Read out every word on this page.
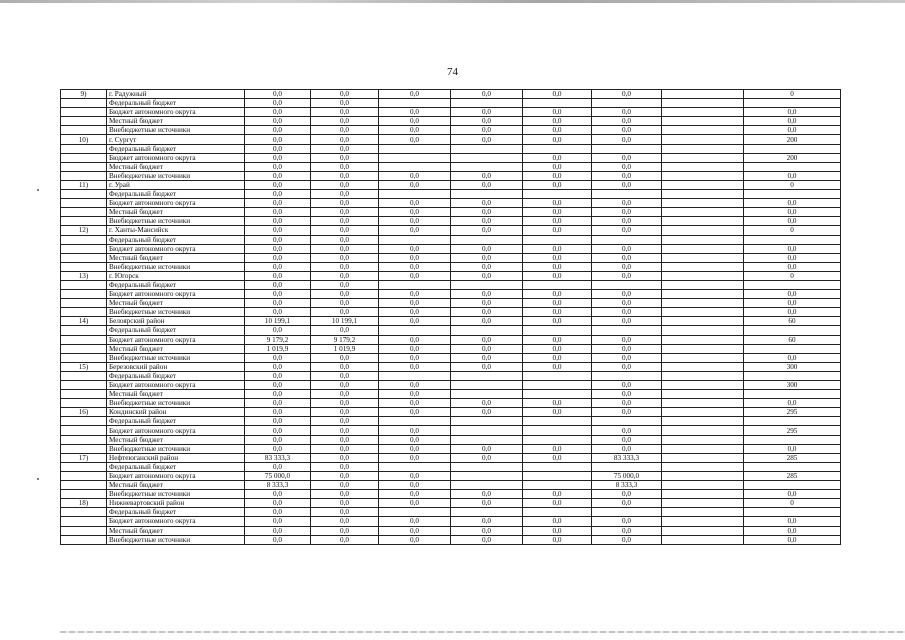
74
9)	г. Радужный	0,0	0,0	0,0	0,0	0,0	0,0		0
	Федеральный бюджет	0,0	0,0						
	Бюджет автономного округа	0,0	0,0	0,0	0,0	0,0	0,0		0,0
	Местный бюджет	0,0	0,0	0,0	0,0	0,0	0,0		0,0
	Внебюджетные источники	0,0	0,0	0,0	0,0	0,0	0,0		0,0
10)	г. Сургут	0,0	0,0	0,0	0,0	0,0	0,0		200
	Федеральный бюджет	0,0	0,0						
	Бюджет автономного округа	0,0	0,0			0,0	0,0		200
	Местный бюджет	0,0	0,0			0,0	0,0		
	Внебюджетные источники	0,0	0,0	0,0	0,0	0,0	0,0		0,0
11)	г. Урай	0,0	0,0	0,0	0,0	0,0	0,0		0
	Федеральный бюджет	0,0	0,0						
	Бюджет автономного округа	0,0	0,0	0,0	0,0	0,0	0,0		0,0
	Местный бюджет	0,0	0,0	0,0	0,0	0,0	0,0		0,0
	Внебюджетные источники	0,0	0,0	0,0	0,0	0,0	0,0		0,0
12)	г. Ханты-Мансийск	0,0	0,0	0,0	0,0	0,0	0,0		0
	Федеральный бюджет	0,0	0,0						
	Бюджет автономного округа	0,0	0,0	0,0	0,0	0,0	0,0		0,0
	Местный бюджет	0,0	0,0	0,0	0,0	0,0	0,0		0,0
	Внебюджетные источники	0,0	0,0	0,0	0,0	0,0	0,0		0,0
13)	г. Югорск	0,0	0,0	0,0	0,0	0,0	0,0		0
	Федеральный бюджет	0,0	0,0						
	Бюджет автономного округа	0,0	0,0	0,0	0,0	0,0	0,0		0,0
	Местный бюджет	0,0	0,0	0,0	0,0	0,0	0,0		0,0
	Внебюджетные источники	0,0	0,0	0,0	0,0	0,0	0,0		0,0
14)	Белоярский район	10 199,1	10 199,1	0,0	0,0	0,0	0,0		60
	Федеральный бюджет	0,0	0,0						
	Бюджет автономного округа	9 179,2	9 179,2	0,0	0,0	0,0	0,0		60
	Местный бюджет	1 019,9	1 019,9	0,0	0,0	0,0	0,0		
	Внебюджетные источники	0,0	0,0	0,0	0,0	0,0	0,0		0,0
15)	Березовский район	0,0	0,0	0,0	0,0	0,0	0,0		300
	Федеральный бюджет	0,0	0,0						
	Бюджет автономного округа	0,0	0,0	0,0			0,0		300
	Местный бюджет	0,0	0,0	0,0			0,0		
	Внебюджетные источники	0,0	0,0	0,0	0,0	0,0	0,0		0,0
16)	Кондинский район	0,0	0,0	0,0	0,0	0,0	0,0		295
	Федеральный бюджет	0,0	0,0						
	Бюджет автономного округа	0,0	0,0	0,0			0,0		295
	Местный бюджет	0,0	0,0	0,0			0,0		
	Внебюджетные источники	0,0	0,0	0,0	0,0	0,0	0,0		0,0
17)	Нефтеюганский район	83 333,3	0,0	0,0	0,0	0,0	83 333,3		285
	Федеральный бюджет	0,0	0,0						
	Бюджет автономного округа	75 000,0	0,0	0,0			75 000,0		285
	Местный бюджет	8 333,3	0,0	0,0			8 333,3		
	Внебюджетные источники	0,0	0,0	0,0	0,0	0,0	0,0		0,0
18)	Нижневартовский район	0,0	0,0	0,0	0,0	0,0	0,0		0
	Федеральный бюджет	0,0	0,0						
	Бюджет автономного округа	0,0	0,0	0,0	0,0	0,0	0,0		0,0
	Местный бюджет	0,0	0,0	0,0	0,0	0,0	0,0		0,0
	Внебюджетные источники	0,0	0,0	0,0	0,0	0,0	0,0		0,0
